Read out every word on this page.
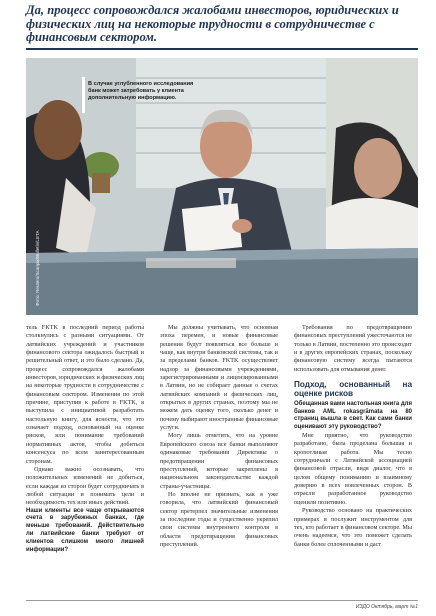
Да, процесс сопровождался жалобами инвесторов, юридических и физических лиц на некоторые трудности в сотрудничестве с финансовым сектором.
В случае углубленного исследования банк может затребовать у клиента дополнительную информацию.
Фото: Reuters/Scanpix/Bulletin/LETA

тель FKTK в последний период работы столкнулись с разными ситуациями. От латвийских учреждений и участников финансового сектора ожидалось быстрый и решительный ответ, и это было сделано. Да, процесс сопровождался жалобами инвесторов, юридических и физических лиц на некоторые трудности в сотрудничестве с финансовым сектором. Изменения по этой причине, приступив к работе в FKTK, я выступила с инициативой разработать настольную книгу, для ясности, что это означает подход, основанный на оценке рисков, или понимание требований нормативных актов, чтобы добиться консенсуса по всем заинтересованным сторонам.

Однако важно осознавать, что положительных изменений не добиться, если каждая из сторон будет сотрудничать в любой ситуации и понимать цели и необходимость тех или иных действий.

Наши клиенты все чаще открываются счета в зарубежных банках, где меньше требований. Действительно ли латвийские банки требуют от клиентов слишком много лишней информации?

Мы должны учитывать, что основная эпоха перемен, и новые финансовые решения будут появляться все больше и чаще, как внутри банковской системы, так и за пределами банков. FKTK осуществляет надзор за финансовыми учреждениями, зарегистрированными и лицензированными в Латвии, но не собирает данные о счетах латвийских компаний и физических лиц, открытых в других странах, поэтому мы не можем дать оценку того, сколько денег и почему выбирают иностранные финансовые услуги.

Могу лишь отметить, что на уровне Европейского союза все банки выполняют одинаковые требования Директивы о предотвращении финансовых преступлений, которые закреплены в национальном законодательстве каждой страны-участницы.

Но вполне не признать, как я уже говорила, что латвийский финансовый сектор претерпел значительные изменения за последние годы и существенно укрепил свои системы внутреннего контроля в области предотвращения финансовых преступлений.

Требования по предотвращению финансовых преступлений ужесточаются не только в Латвии, постепенно это происходит и в других европейских странах, поскольку финансовую систему всегда пытаются использовать для отмывания денег.

Подход, основанный на оценке рисков

Обещанная вами настольная книга для банков AML rokasgrāmata на 80 страниц вышла в свет. Как сами банки оценивают эту руководство?

Мне приятно, что руководство разработано, была проделана большая и кропотливая работа. Мы тесно сотрудничали с Латвийской ассоциацией финансовой отрасли, видя диалог, что в целом общему пониманию и взаимному доверию в всех вовлеченных сторон. В отрасли разработанное руководство оценили позитивно.

Руководство основано на практических примерах и послужит инструментом для тех, кто работает в финансовом секторе. Мы очень надеемся, что это поможет сделать банки более сплоченными и даст

ИЗДО Октябрь, март №1
